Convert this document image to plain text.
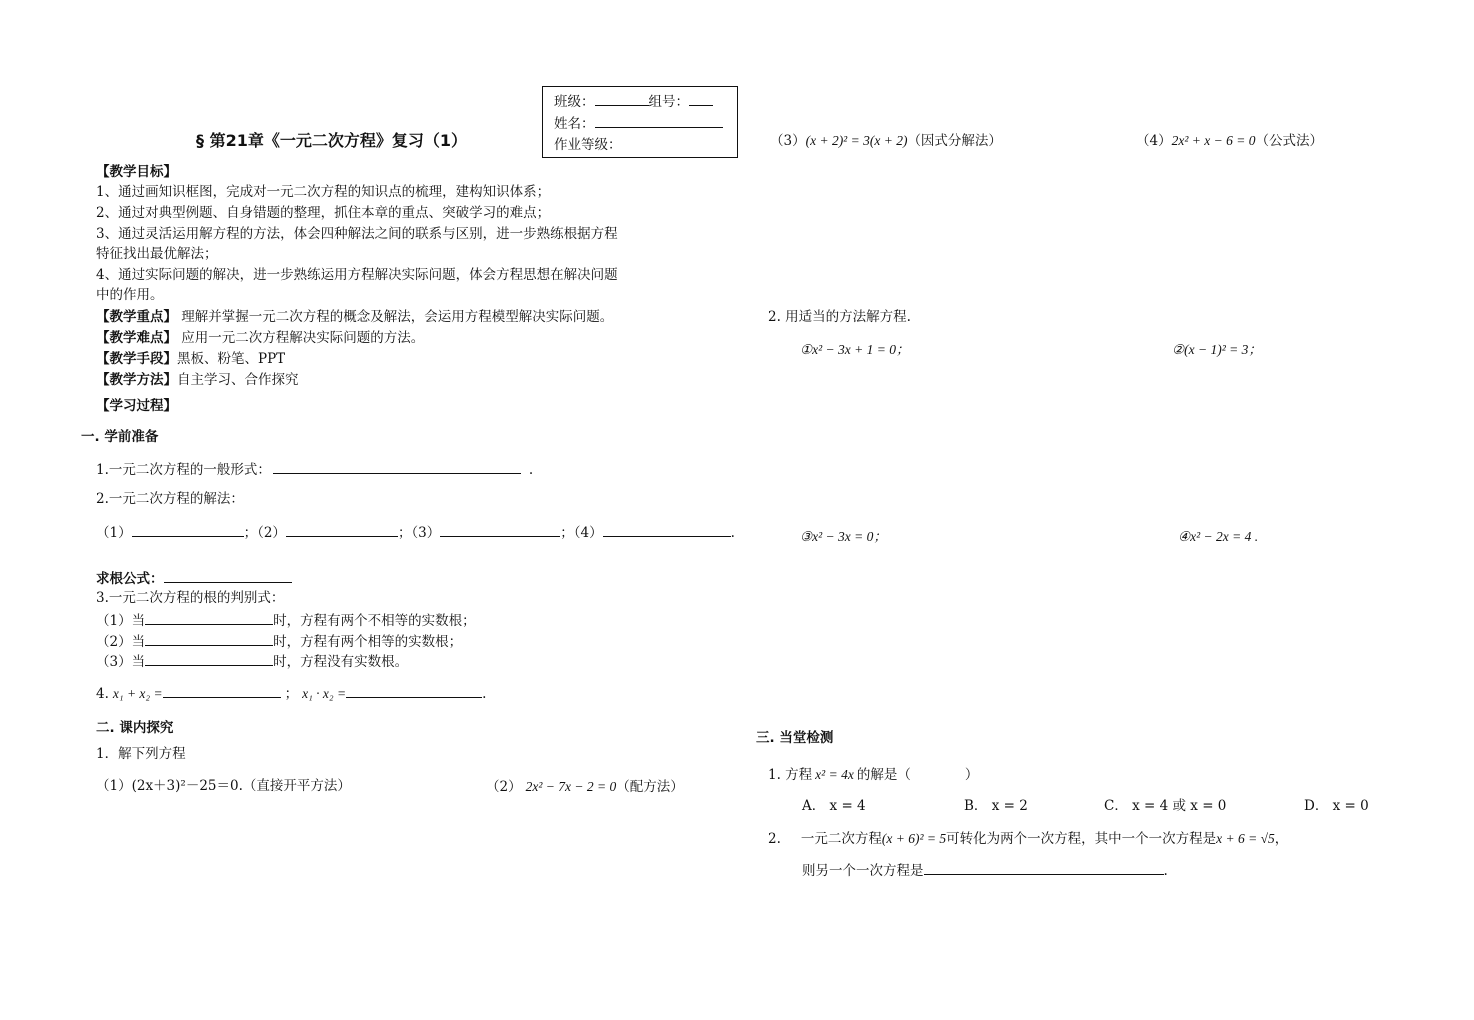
班级：	组号：
姓名：
作业等级：
§ 第21章《一元二次方程》复习（1）
【教学目标】
1、通过画知识框图，完成对一元二次方程的知识点的梳理，建构知识体系；
2、通过对典型例题、自身错题的整理，抓住本章的重点、突破学习的难点；
3、通过灵活运用解方程的方法，体会四种解法之间的联系与区别，进一步熟练根据方程
特征找出最优解法；
4、通过实际问题的解决，进一步熟练运用方程解决实际问题，体会方程思想在解决问题
中的作用。
【教学重点】 理解并掌握一元二次方程的概念及解法，会运用方程模型解决实际问题。
【教学难点】 应用一元二次方程解决实际问题的方法。
【教学手段】黑板、粉笔、PPT
【教学方法】自主学习、合作探究
【学习过程】
一. 学前准备
1.一元二次方程的一般形式：	.
2.一元二次方程的解法：
（1）	；（2）	；（3）	；（4）	.
求根公式：
3.一元二次方程的根的判别式：
（1）当	时，方程有两个不相等的实数根；
（2）当	时，方程有两个相等的实数根；
（3）当	时，方程没有实数根。
4. x₁ + x₂ =	； x₁ · x₂ =	.
二. 课内探究
1．解下列方程
（1）(2x＋3)²－25＝0.（直接开平方法）	（2） 2x² − 7x − 2 = 0（配方法）
（3）(x + 2)² = 3(x + 2)（因式分解法）	（4）2x² + x − 6 = 0（公式法）
2. 用适当的方法解方程.
①x² − 3x + 1 = 0；	②(x − 1)² = 3；
③x² − 3x = 0；	④x² − 2x = 4 .
三. 当堂检测
1. 方程 x² = 4x 的解是（　　　　）
A． x = 4	B． x = 2	C． x = 4 或 x = 0	D． x = 0
2. 一元二次方程(x + 6)² = 5可转化为两个一次方程，其中一个一次方程是x + 6 = √5，
则另一个一次方程是	.
